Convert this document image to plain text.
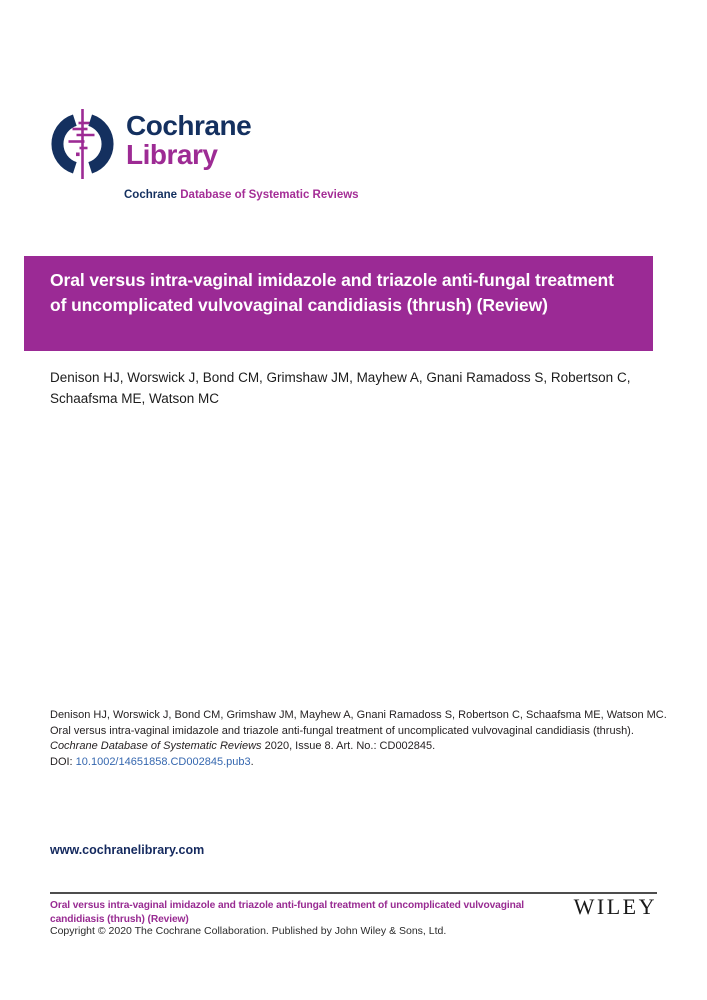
Cochrane
Library
Cochrane Database of Systematic Reviews
Oral versus intra-vaginal imidazole and triazole anti-fungal treatment of uncomplicated vulvovaginal candidiasis (thrush) (Review)

Denison HJ, Worswick J, Bond CM, Grimshaw JM, Mayhew A, Gnani Ramadoss S, Robertson C, Schaafsma ME, Watson MC

Denison HJ, Worswick J, Bond CM, Grimshaw JM, Mayhew A, Gnani Ramadoss S, Robertson C, Schaafsma ME, Watson MC.
Oral versus intra-vaginal imidazole and triazole anti-fungal treatment of uncomplicated vulvovaginal candidiasis (thrush).
Cochrane Database of Systematic Reviews 2020, Issue 8. Art. No.: CD002845.
DOI: 10.1002/14651858.CD002845.pub3.
www.cochranelibrary.com
Oral versus intra-vaginal imidazole and triazole anti-fungal treatment of uncomplicated vulvovaginal candidiasis (thrush) (Review)
Copyright © 2020 The Cochrane Collaboration. Published by John Wiley & Sons, Ltd.
WILEY
